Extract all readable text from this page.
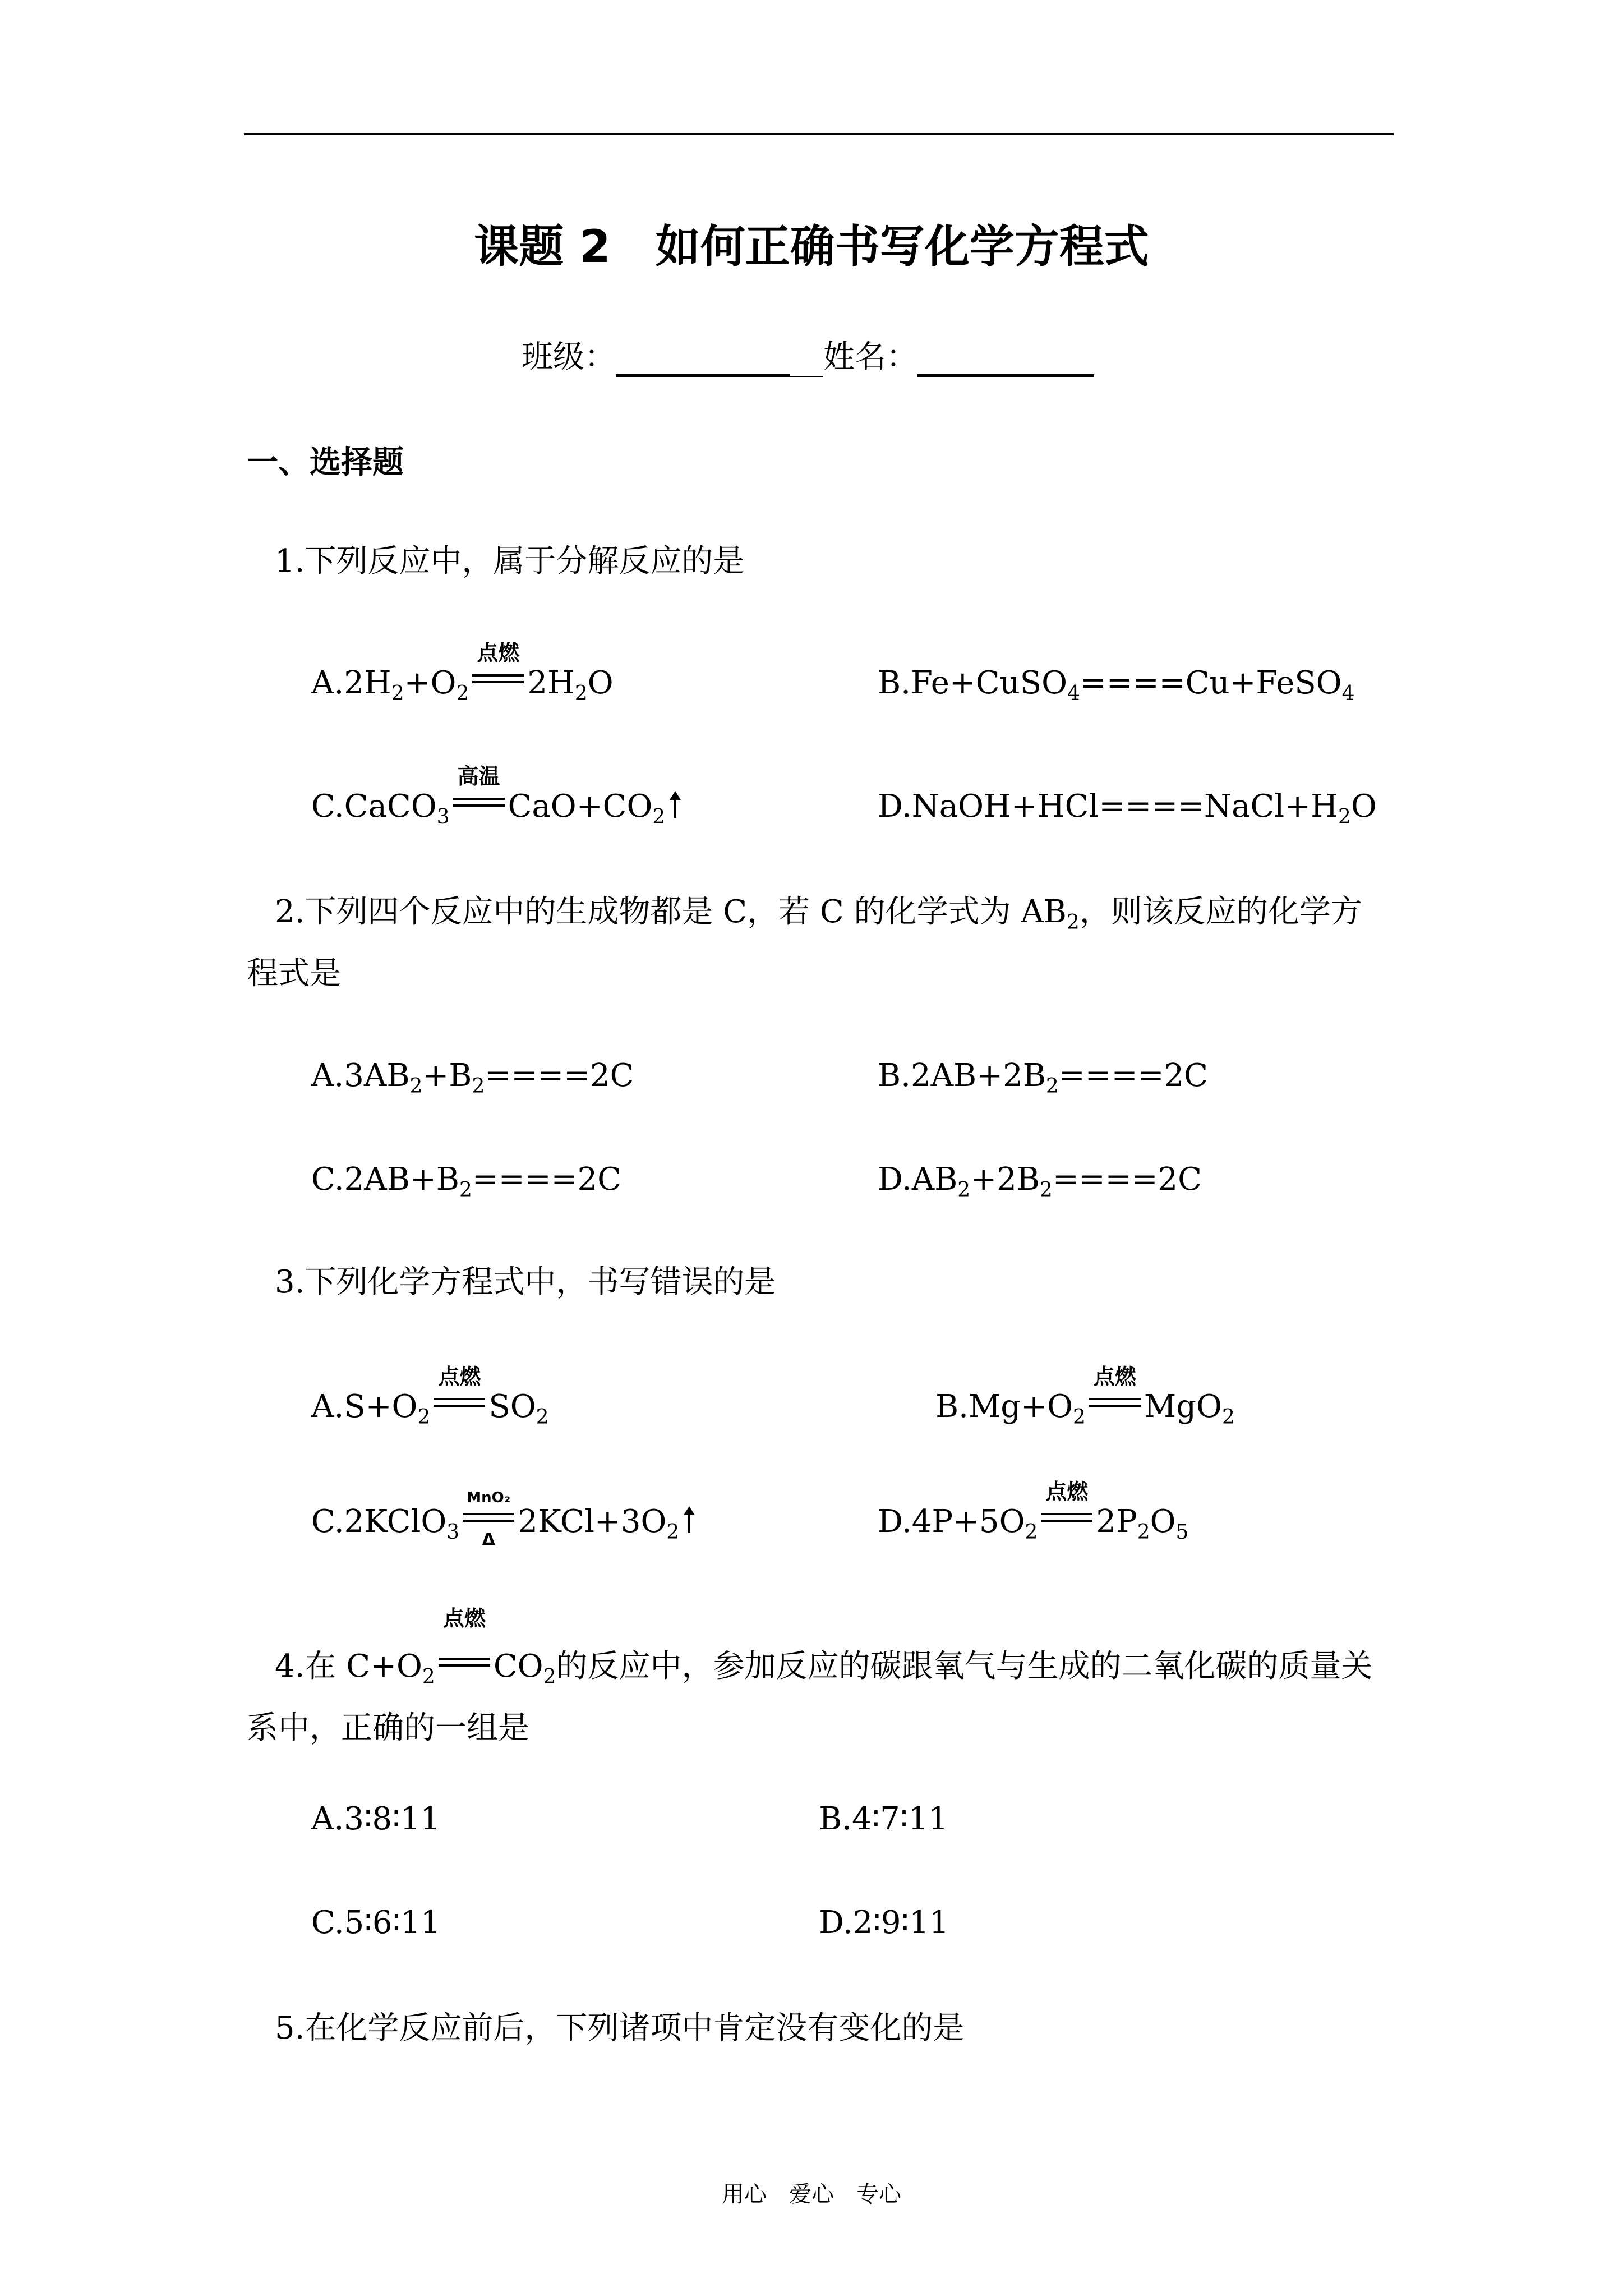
课题 2　如何正确书写化学方程式
班级：	姓名：
一、选择题
1.下列反应中，属于分解反应的是
$A.2H_2+O_2$
点燃
$2H_2O$	B.Fe+CuSO$_4$====Cu+FeSO$_4$
C.CaCO$_3$
高温
$CaO+CO_2$	$D.NaOH+HCl====NaCl+H_2O$
2.下列四个反应中的生成物都是 C，若 C 的化学式为 $AB_2$，则该反应的化学方
程式是
$A.3AB_2+B_2====2C$	$B.2AB+2B_2====2C$
$C.2AB+B_2====2C$	$D.AB_2+2B_2====2C$
3.下列化学方程式中，书写错误的是
$A.S+O_2$
点燃
$SO_2$	$B.Mg+O_2$
点燃
MgO$_2$
C.2KClO$_3$
MnO₂
Δ $2KCl+3O_2$	$D.4P+5O_2$
点燃
$2P_2O_5$
4.在 $C+O_2$
点燃
$CO_2$的反应中，参加反应的碳跟氧气与生成的二氧化碳的质量关
系中，正确的一组是
A.3∶8∶11	B.4∶7∶11
C.5∶6∶11	D.2∶9∶11
5.在化学反应前后，下列诸项中肯定没有变化的是
用心　爱心　专心
